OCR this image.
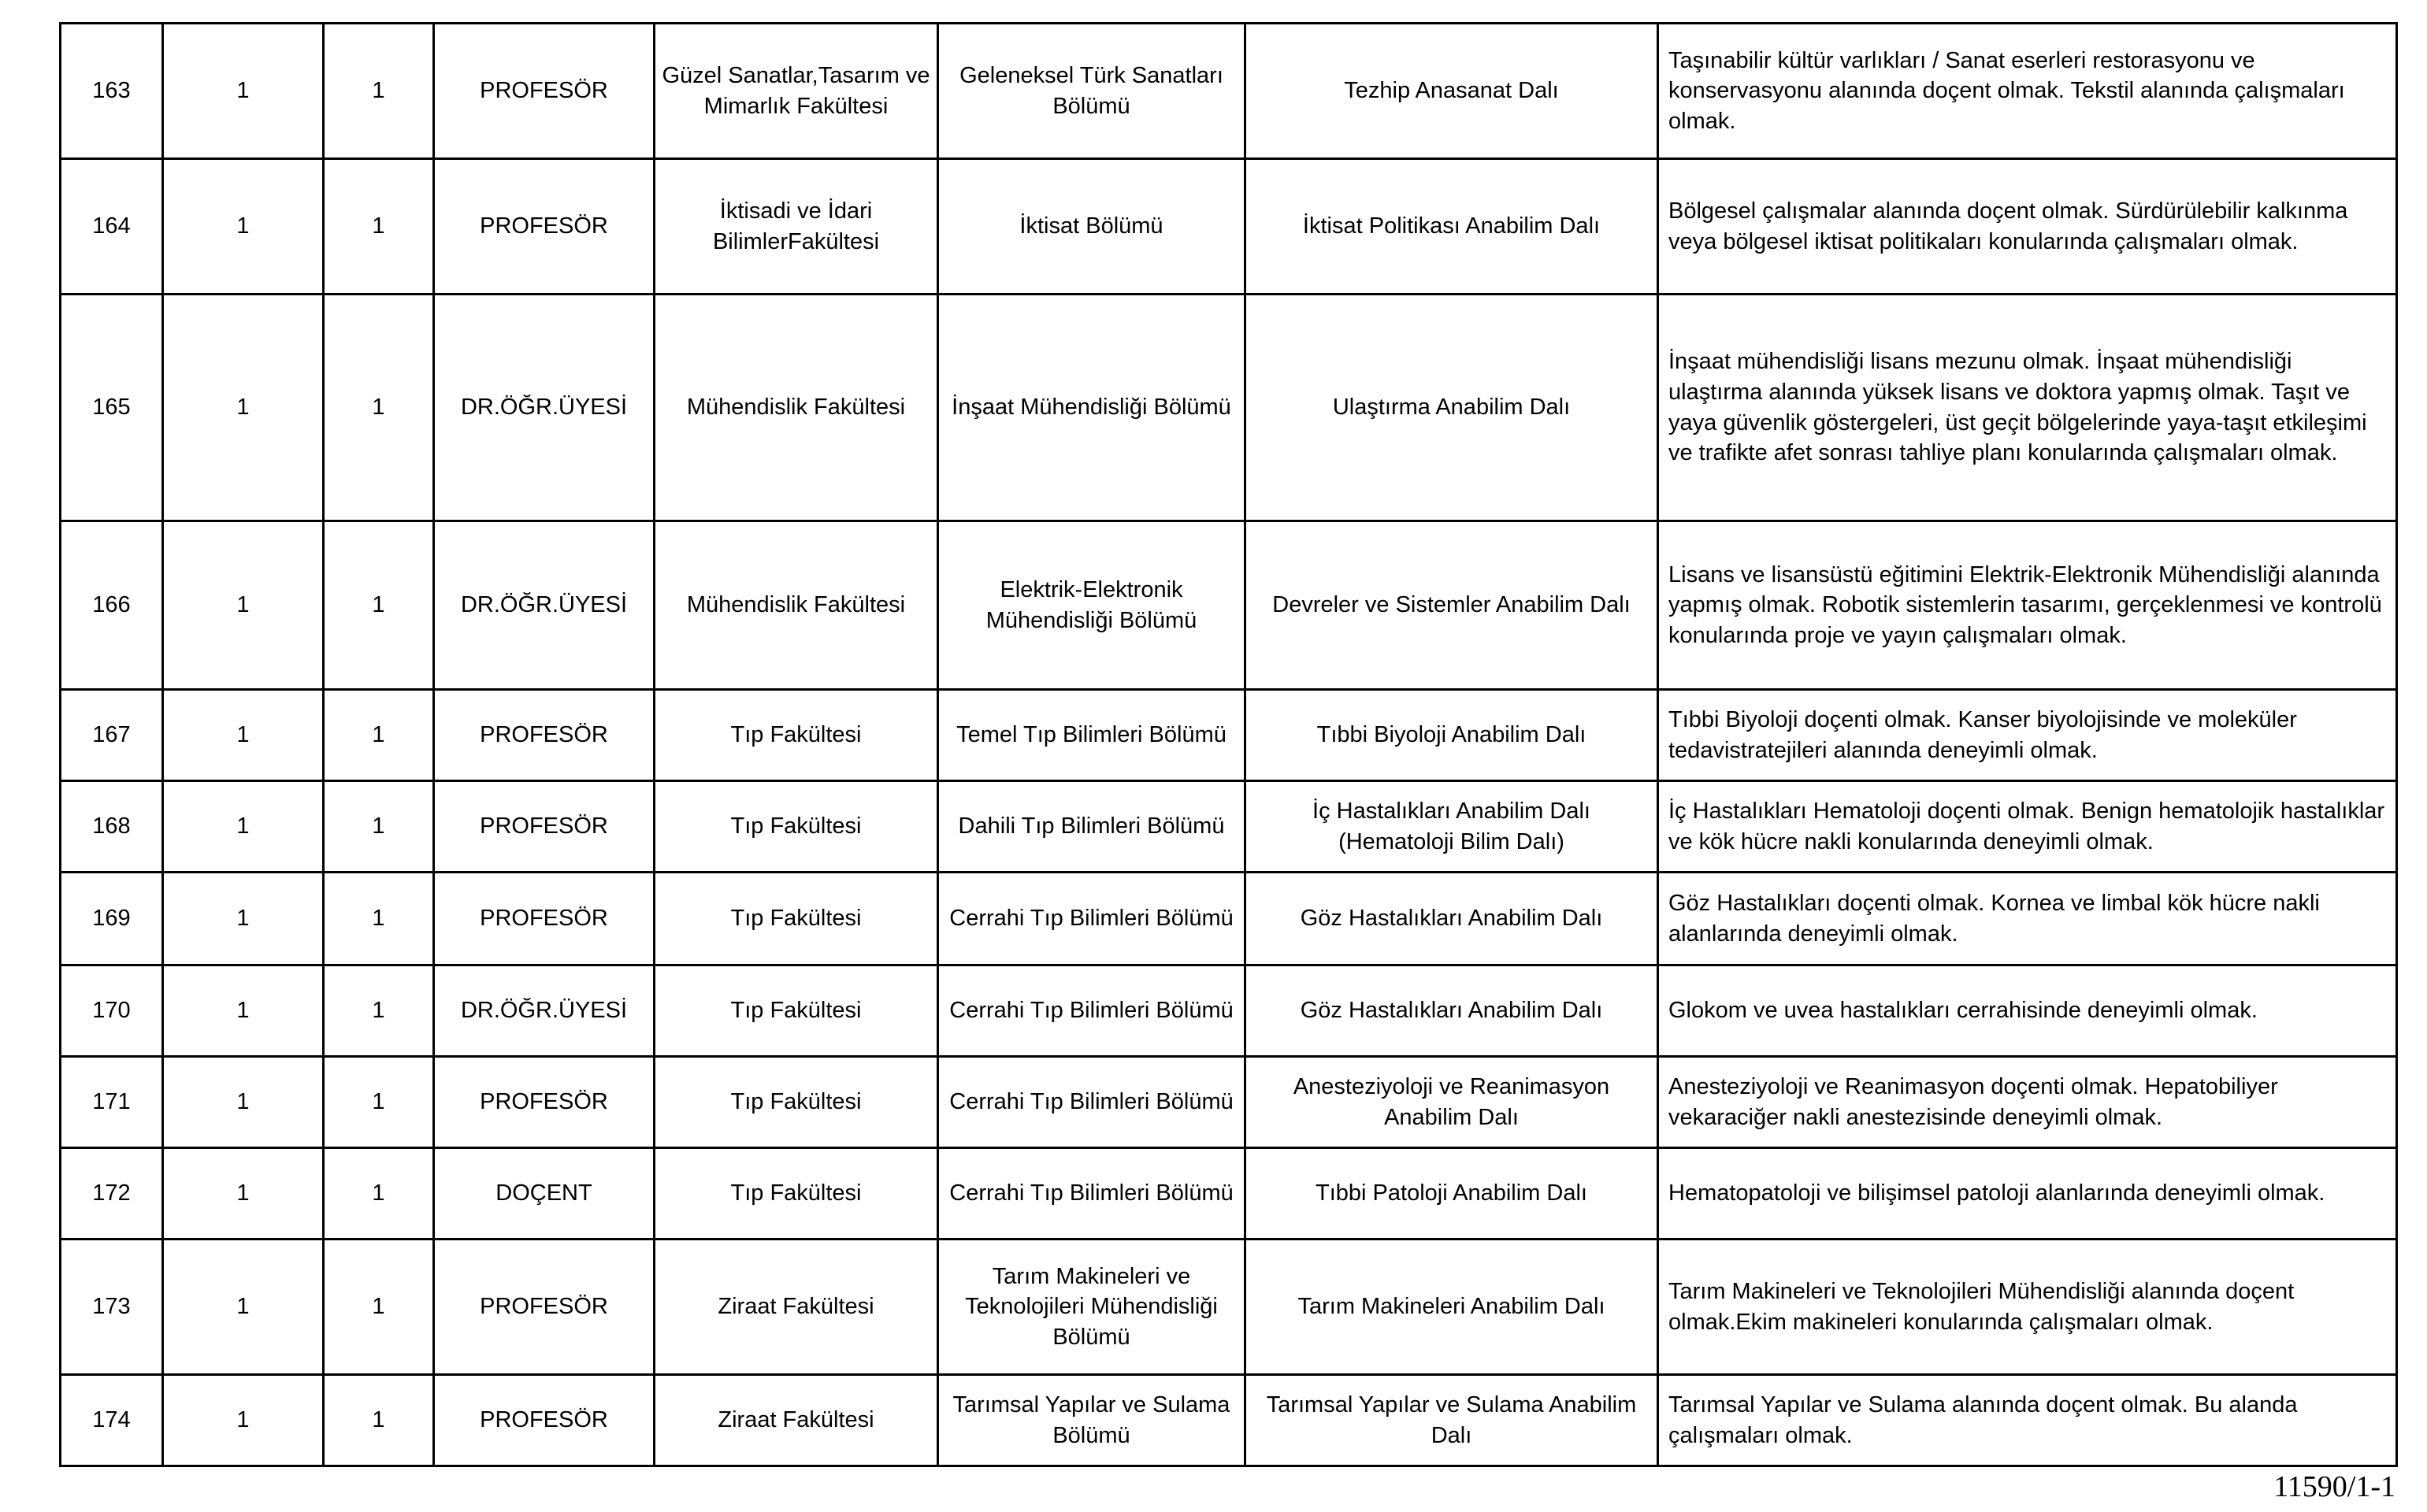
163	1	1	PROFESÖR	Güzel Sanatlar,Tasarım ve Mimarlık Fakültesi	Geleneksel Türk Sanatları Bölümü	Tezhip Anasanat Dalı	Taşınabilir kültür varlıkları / Sanat eserleri restorasyonu ve konservasyonu alanında doçent olmak. Tekstil alanında çalışmaları olmak.
164	1	1	PROFESÖR	İktisadi ve İdari BilimlerFakültesi	İktisat Bölümü	İktisat Politikası Anabilim Dalı	Bölgesel çalışmalar alanında doçent olmak. Sürdürülebilir kalkınma veya bölgesel iktisat politikaları konularında çalışmaları olmak.
165	1	1	DR.ÖĞR.ÜYESİ	Mühendislik Fakültesi	İnşaat Mühendisliği Bölümü	Ulaştırma Anabilim Dalı	İnşaat mühendisliği lisans mezunu olmak. İnşaat mühendisliği ulaştırma alanında yüksek lisans ve doktora yapmış olmak. Taşıt ve yaya güvenlik göstergeleri, üst geçit bölgelerinde yaya-taşıt etkileşimi ve trafikte afet sonrası tahliye planı konularında çalışmaları olmak.
166	1	1	DR.ÖĞR.ÜYESİ	Mühendislik Fakültesi	Elektrik-Elektronik Mühendisliği Bölümü	Devreler ve Sistemler Anabilim Dalı	Lisans ve lisansüstü eğitimini Elektrik-Elektronik Mühendisliği alanında yapmış olmak. Robotik sistemlerin tasarımı, gerçeklenmesi ve kontrolü konularında proje ve yayın çalışmaları olmak.
167	1	1	PROFESÖR	Tıp Fakültesi	Temel Tıp Bilimleri Bölümü	Tıbbi Biyoloji Anabilim Dalı	Tıbbi Biyoloji doçenti olmak. Kanser biyolojisinde ve moleküler tedavistratejileri alanında deneyimli olmak.
168	1	1	PROFESÖR	Tıp Fakültesi	Dahili Tıp Bilimleri Bölümü	İç Hastalıkları Anabilim Dalı (Hematoloji Bilim Dalı)	İç Hastalıkları Hematoloji doçenti olmak. Benign hematolojik hastalıklar ve kök hücre nakli konularında deneyimli olmak.
169	1	1	PROFESÖR	Tıp Fakültesi	Cerrahi Tıp Bilimleri Bölümü	Göz Hastalıkları Anabilim Dalı	Göz Hastalıkları doçenti olmak. Kornea ve limbal kök hücre nakli alanlarında deneyimli olmak.
170	1	1	DR.ÖĞR.ÜYESİ	Tıp Fakültesi	Cerrahi Tıp Bilimleri Bölümü	Göz Hastalıkları Anabilim Dalı	Glokom ve uvea hastalıkları cerrahisinde deneyimli olmak.
171	1	1	PROFESÖR	Tıp Fakültesi	Cerrahi Tıp Bilimleri Bölümü	Anesteziyoloji ve Reanimasyon Anabilim Dalı	Anesteziyoloji ve Reanimasyon doçenti olmak. Hepatobiliyer vekaraciğer nakli anestezisinde deneyimli olmak.
172	1	1	DOÇENT	Tıp Fakültesi	Cerrahi Tıp Bilimleri Bölümü	Tıbbi Patoloji Anabilim Dalı	Hematopatoloji ve bilişimsel patoloji alanlarında deneyimli olmak.
173	1	1	PROFESÖR	Ziraat Fakültesi	Tarım Makineleri ve Teknolojileri Mühendisliği Bölümü	Tarım Makineleri Anabilim Dalı	Tarım Makineleri ve Teknolojileri Mühendisliği alanında doçent olmak.Ekim makineleri konularında çalışmaları olmak.
174	1	1	PROFESÖR	Ziraat Fakültesi	Tarımsal Yapılar ve Sulama Bölümü	Tarımsal Yapılar ve Sulama Anabilim Dalı	Tarımsal Yapılar ve Sulama alanında doçent olmak. Bu alanda çalışmaları olmak.
11590/1-1
